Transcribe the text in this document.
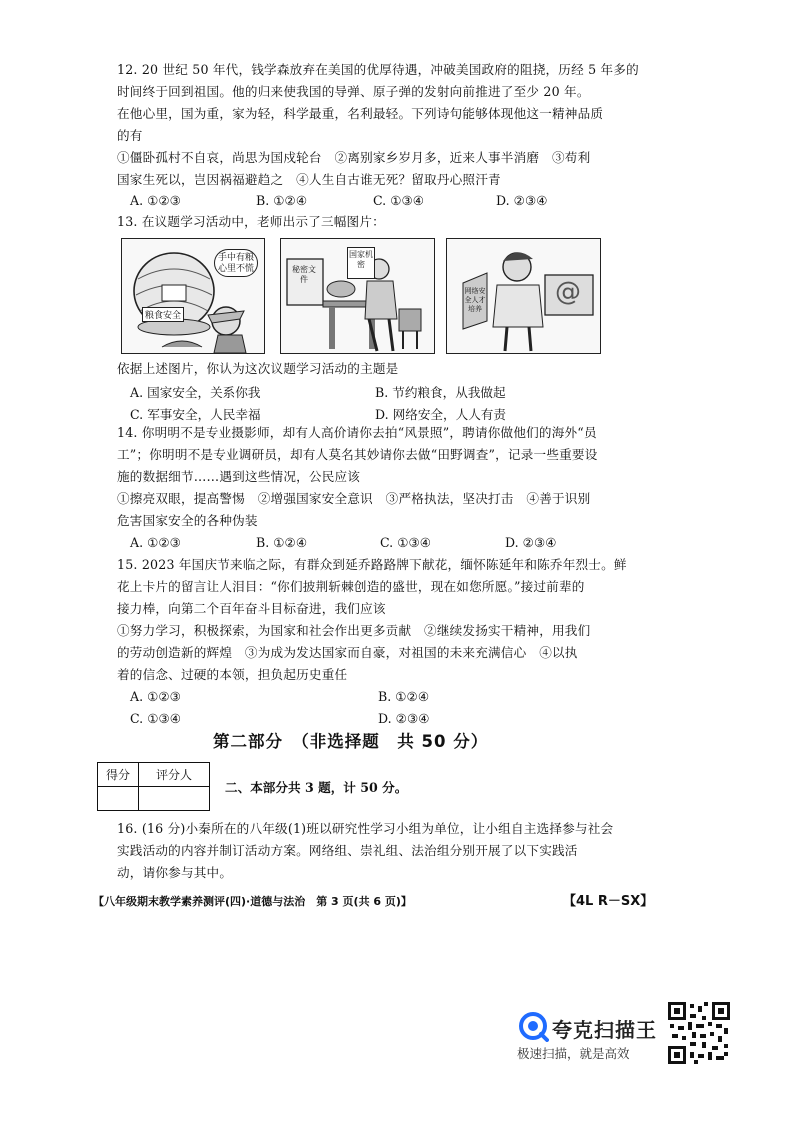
12. 20 世纪 50 年代，钱学森放弃在美国的优厚待遇，冲破美国政府的阻挠，历经 5 年多的
时间终于回到祖国。他的归来使我国的导弹、原子弹的发射向前推进了至少 20 年。
在他心里，国为重，家为轻，科学最重，名利最轻。下列诗句能够体现他这一精神品质
的有
①僵卧孤村不自哀，尚思为国戍轮台　②离别家乡岁月多，近来人事半消磨　③苟利
国家生死以，岂因祸福避趋之　④人生自古谁无死？留取丹心照汗青
A. ①②③	B. ①②④	C. ①③④	D. ②③④
13. 在议题学习活动中，老师出示了三幅图片：
手中有粮心里不慌
粮食安全
秘密文件
国家机密
网络安全人才培养
@
依据上述图片，你认为这次议题学习活动的主题是
A. 国家安全，关系你我	B. 节约粮食，从我做起
C. 军事安全，人民幸福	D. 网络安全，人人有责
14. 你明明不是专业摄影师，却有人高价请你去拍“风景照”，聘请你做他们的海外“员
工”；你明明不是专业调研员，却有人莫名其妙请你去做“田野调查”，记录一些重要设
施的数据细节……遇到这些情况，公民应该
①擦亮双眼，提高警惕　②增强国家安全意识　③严格执法，坚决打击　④善于识别
危害国家安全的各种伪装
A. ①②③	B. ①②④	C. ①③④	D. ②③④
15. 2023 年国庆节来临之际，有群众到延乔路路牌下献花，缅怀陈延年和陈乔年烈士。鲜
花上卡片的留言让人泪目：“你们披荆斩棘创造的盛世，现在如您所愿。”接过前辈的
接力棒，向第二个百年奋斗目标奋进，我们应该
①努力学习，积极探索，为国家和社会作出更多贡献　②继续发扬实干精神，用我们
的劳动创造新的辉煌　③为成为发达国家而自豪，对祖国的未来充满信心　④以执
着的信念、过硬的本领，担负起历史重任
A. ①②③	B. ①②④
C. ①③④	D. ②③④
第二部分　（非选择题　共 50 分）
得分	评分人

二、本部分共 3 题，计 50 分。
16. (16 分)小秦所在的八年级(1)班以研究性学习小组为单位，让小组自主选择参与社会
实践活动的内容并制订活动方案。网络组、崇礼组、法治组分别开展了以下实践活
动，请你参与其中。
【八年级期末教学素养测评(四)·道德与法治　第 3 页(共 6 页)】	【4L R－SX】
夸克扫描王
极速扫描，就是高效
